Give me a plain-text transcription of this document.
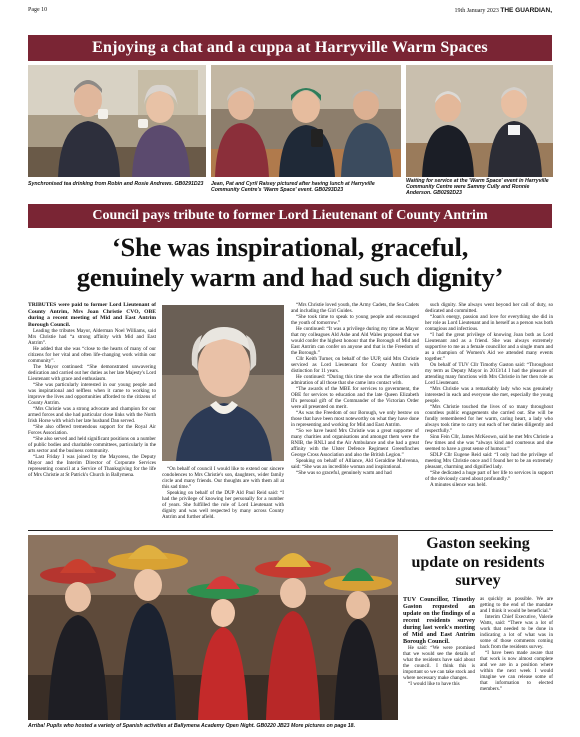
Page 10	19th January 2023 THE GUARDIAN,
Enjoying a chat and a cuppa at Harryville Warm Spaces
Synchronised tea drinking from Robin and Rosie Andrews. GB0291D23	Jean, Pat and Cyril Raisey pictured after having lunch at Harryville Community Centre's 'Warm Space' event. GB0293D23
Waiting for service at the 'Warm Space' event in Harryville Community Centre were Sammy Cully and Ronnie Anderson. GB0292D23
Council pays tribute to former Lord Lieutenant of County Antrim
‘She was inspirational, graceful,
genuinely warm and had such dignity’

TRIBUTES were paid to former Lord Lieutenant of County Antrim, Mrs Joan Christie CVO, OBE during a recent meeting of Mid and East Antrim Borough Council.

Leading the tributes Mayor, Alderman Noel Williams, said Mrs Christie had “a strong affinity with Mid and East Antrim”.

He added that she was “close to the hearts of many of our citizens for her vital and often life-changing work within our community”.

The Mayor continued: “She demonstrated unwavering dedication and carried out her duties as her late Majesty's Lord Lieutenant with grace and enthusiasm.

“She was particularly interested in our young people and was inspirational and selfless when it came to working to improve the lives and opportunities afforded to the citizens of County Antrim.

“Mrs Christie was a strong advocate and champion for our armed forces and she had particular close links with the North Irish Horse with which her late husband Dan served.

“She also offered tremendous support for the Royal Air Forces Association.

“She also served and held significant positions on a number of public bodies and charitable committees, particularly in the arts sector and the business community.

“Last Friday I was joined by the Mayoress, the Deputy Mayor and the Interim Director of Corporate Services representing council at a Service of Thanksgiving for the life of Mrs Christie at St Patrick's Church in Ballymena.

“On behalf of council I would like to extend our sincere condolences to Mrs Christie's son, daughters, wider family circle and many friends. Our thoughts are with them all at this sad time.”

Speaking on behalf of the DUP Ald Paul Reid said: “I had the privilege of knowing her personally for a number of years. She fulfilled the role of Lord Lieutenant with dignity and was well respected by many across County Antrim and further afield.

“Mrs Christie loved youth, the Army Cadets, the Sea Cadets and including the Girl Guides.

“She took time to speak to young people and encouraged the youth of tomorrow.”

He continued: “It was a privilege during my time as Mayor that my colleagues Ald Ashe and Ald Wales proposed that we would confer the highest honour that the Borough of Mid and East Antrim can confer on anyone and that is the Freedom of the Borough.”

Cllr Keith Turner, on behalf of the UUP, said Mrs Christie serviced as Lord Lieutenant for County Antrim with distinction for 11 years.

He continued: “During this time she won the affection and admiration of all those that she came into contact with.

“The awards of the MBE for services to government, the OBE for services to education and the late Queen Elizabeth II's personal gift of the Commander of the Victorian Order were all presented on merit.

“As was the Freedom of our Borough, we only bestow on those that have been most noteworthy on what they have done in representing and working for Mid and East Antrim.

“So we have heard Mrs Christie was a great supporter of many charities and organisations and amongst them were the RNIB, the RNLI and the Air Ambulance and she had a great affinity with the Ulster Defence Regiment Greenfinches George Cross Association and also the British Legion.”

Speaking on behalf of Alliance, Ald Geraldine Mulvenna, said: “She was an incredible woman and inspirational.

“She was so graceful, genuinely warm and had

such dignity. She always went beyond her call of duty, so dedicated and committed.

“Joan's energy, passion and love for everything she did in her role as Lord Lieutenant and in herself as a person was both contagious and infectious.

“I had the great privilege of knowing Joan both as Lord Lieutenant and as a friend. She was always extremely supportive to me as a female councillor and a single mum and as a champion of Women's Aid we attended many events together.”

On behalf of TUV Cllr Timothy Gaston said: “Throughout my term as Deputy Mayor in 2013/14 I had the pleasure of attending many functions with Mrs Christie in her then role as Lord Lieutenant.

“Mrs Christie was a remarkably lady who was genuinely interested in each and everyone she met, especially the young people.

“Mrs Christie touched the lives of so many throughout countless public engagements she carried out. She will be fondly remembered for her warm, caring heart, a lady who always took time to carry out each of her duties diligently and respectfully.”

Sinn Fein Cllr, James McKeown, said he met Mrs Christie a few times and she was “always kind and courteous and she seemed to have a great sense of humour.”

SDLP Cllr Eugene Reid said: “I only had the privilege of meeting Mrs Christie once and I found her to be an extremely pleasant, charming and dignified lady.

“She dedicated a huge part of her life to services in support of the obviously cared about profoundly.”

A minutes silence was held.

Arriba! Pupils who hosted a variety of Spanish activities at Ballymena Academy Open Night. GB0220 JB23 More pictures on page 18.
Gaston seeking update on residents survey

TUV Councillor, Timothy Gaston requested an update on the findings of a recent residents survey during last week's meeting of Mid and East Antrim Borough Council.

He said: “We were promised that we would see the details of what the residents have said about the council. I think this is important so we can take stock and where necessary make changes.

“I would like to have this

as quickly as possible. We are getting to the end of the mandate and I think it would be beneficial.”

Interim Chief Executive, Valerie Watts, said: “There was a lot of work that needed to be done in indicating a lot of what was in some of those comments coming back from the residents survey.

“I have been made aware that that work is now almost complete and we are in a position where within the next week I would imagine we can release some of that information to elected members.”
